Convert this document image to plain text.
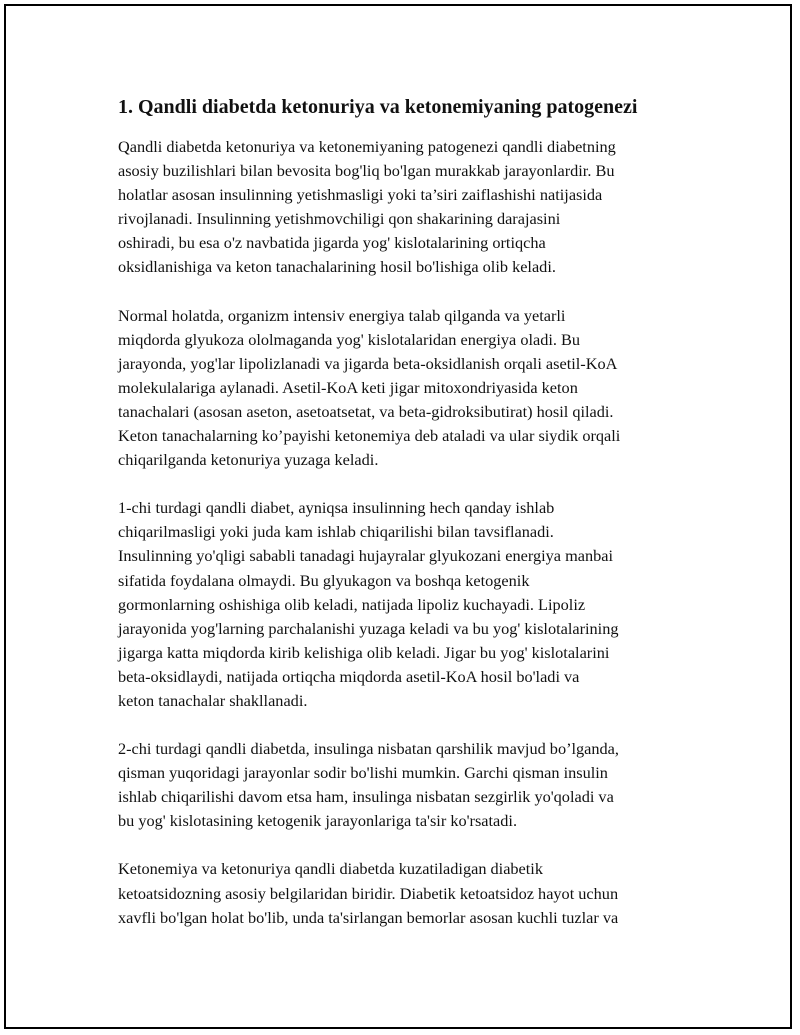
1. Qandli diabetda ketonuriya va ketonemiyaning patogenezi
Qandli diabetda ketonuriya va ketonemiyaning patogenezi qandli diabetning
asosiy buzilishlari bilan bevosita bog'liq bo'lgan murakkab jarayonlardir. Bu
holatlar asosan insulinning yetishmasligi yoki ta’siri zaiflashishi natijasida
rivojlanadi. Insulinning yetishmovchiligi qon shakarining darajasini
oshiradi, bu esa o'z navbatida jigarda yog' kislotalarining ortiqcha
oksidlanishiga va keton tanachalarining hosil bo'lishiga olib keladi.
Normal holatda, organizm intensiv energiya talab qilganda va yetarli
miqdorda glyukoza ololmaganda yog' kislotalaridan energiya oladi. Bu
jarayonda, yog'lar lipolizlanadi va jigarda beta-oksidlanish orqali asetil-KoA
molekulalariga aylanadi. Asetil-KoA keti jigar mitoxondriyasida keton
tanachalari (asosan aseton, asetoatsetat, va beta-gidroksibutirat) hosil qiladi.
Keton tanachalarning ko’payishi ketonemiya deb ataladi va ular siydik orqali
chiqarilganda ketonuriya yuzaga keladi.
1-chi turdagi qandli diabet, ayniqsa insulinning hech qanday ishlab
chiqarilmasligi yoki juda kam ishlab chiqarilishi bilan tavsiflanadi.
Insulinning yo'qligi sababli tanadagi hujayralar glyukozani energiya manbai
sifatida foydalana olmaydi. Bu glyukagon va boshqa ketogenik
gormonlarning oshishiga olib keladi, natijada lipoliz kuchayadi. Lipoliz
jarayonida yog'larning parchalanishi yuzaga keladi va bu yog' kislotalarining
jigarga katta miqdorda kirib kelishiga olib keladi. Jigar bu yog' kislotalarini
beta-oksidlaydi, natijada ortiqcha miqdorda asetil-KoA hosil bo'ladi va
keton tanachalar shakllanadi.
2-chi turdagi qandli diabetda, insulinga nisbatan qarshilik mavjud bo’lganda,
qisman yuqoridagi jarayonlar sodir bo'lishi mumkin. Garchi qisman insulin
ishlab chiqarilishi davom etsa ham, insulinga nisbatan sezgirlik yo'qoladi va
bu yog' kislotasining ketogenik jarayonlariga ta'sir ko'rsatadi.
Ketonemiya va ketonuriya qandli diabetda kuzatiladigan diabetik
ketoatsidozning asosiy belgilaridan biridir. Diabetik ketoatsidoz hayot uchun
xavfli bo'lgan holat bo'lib, unda ta'sirlangan bemorlar asosan kuchli tuzlar va
